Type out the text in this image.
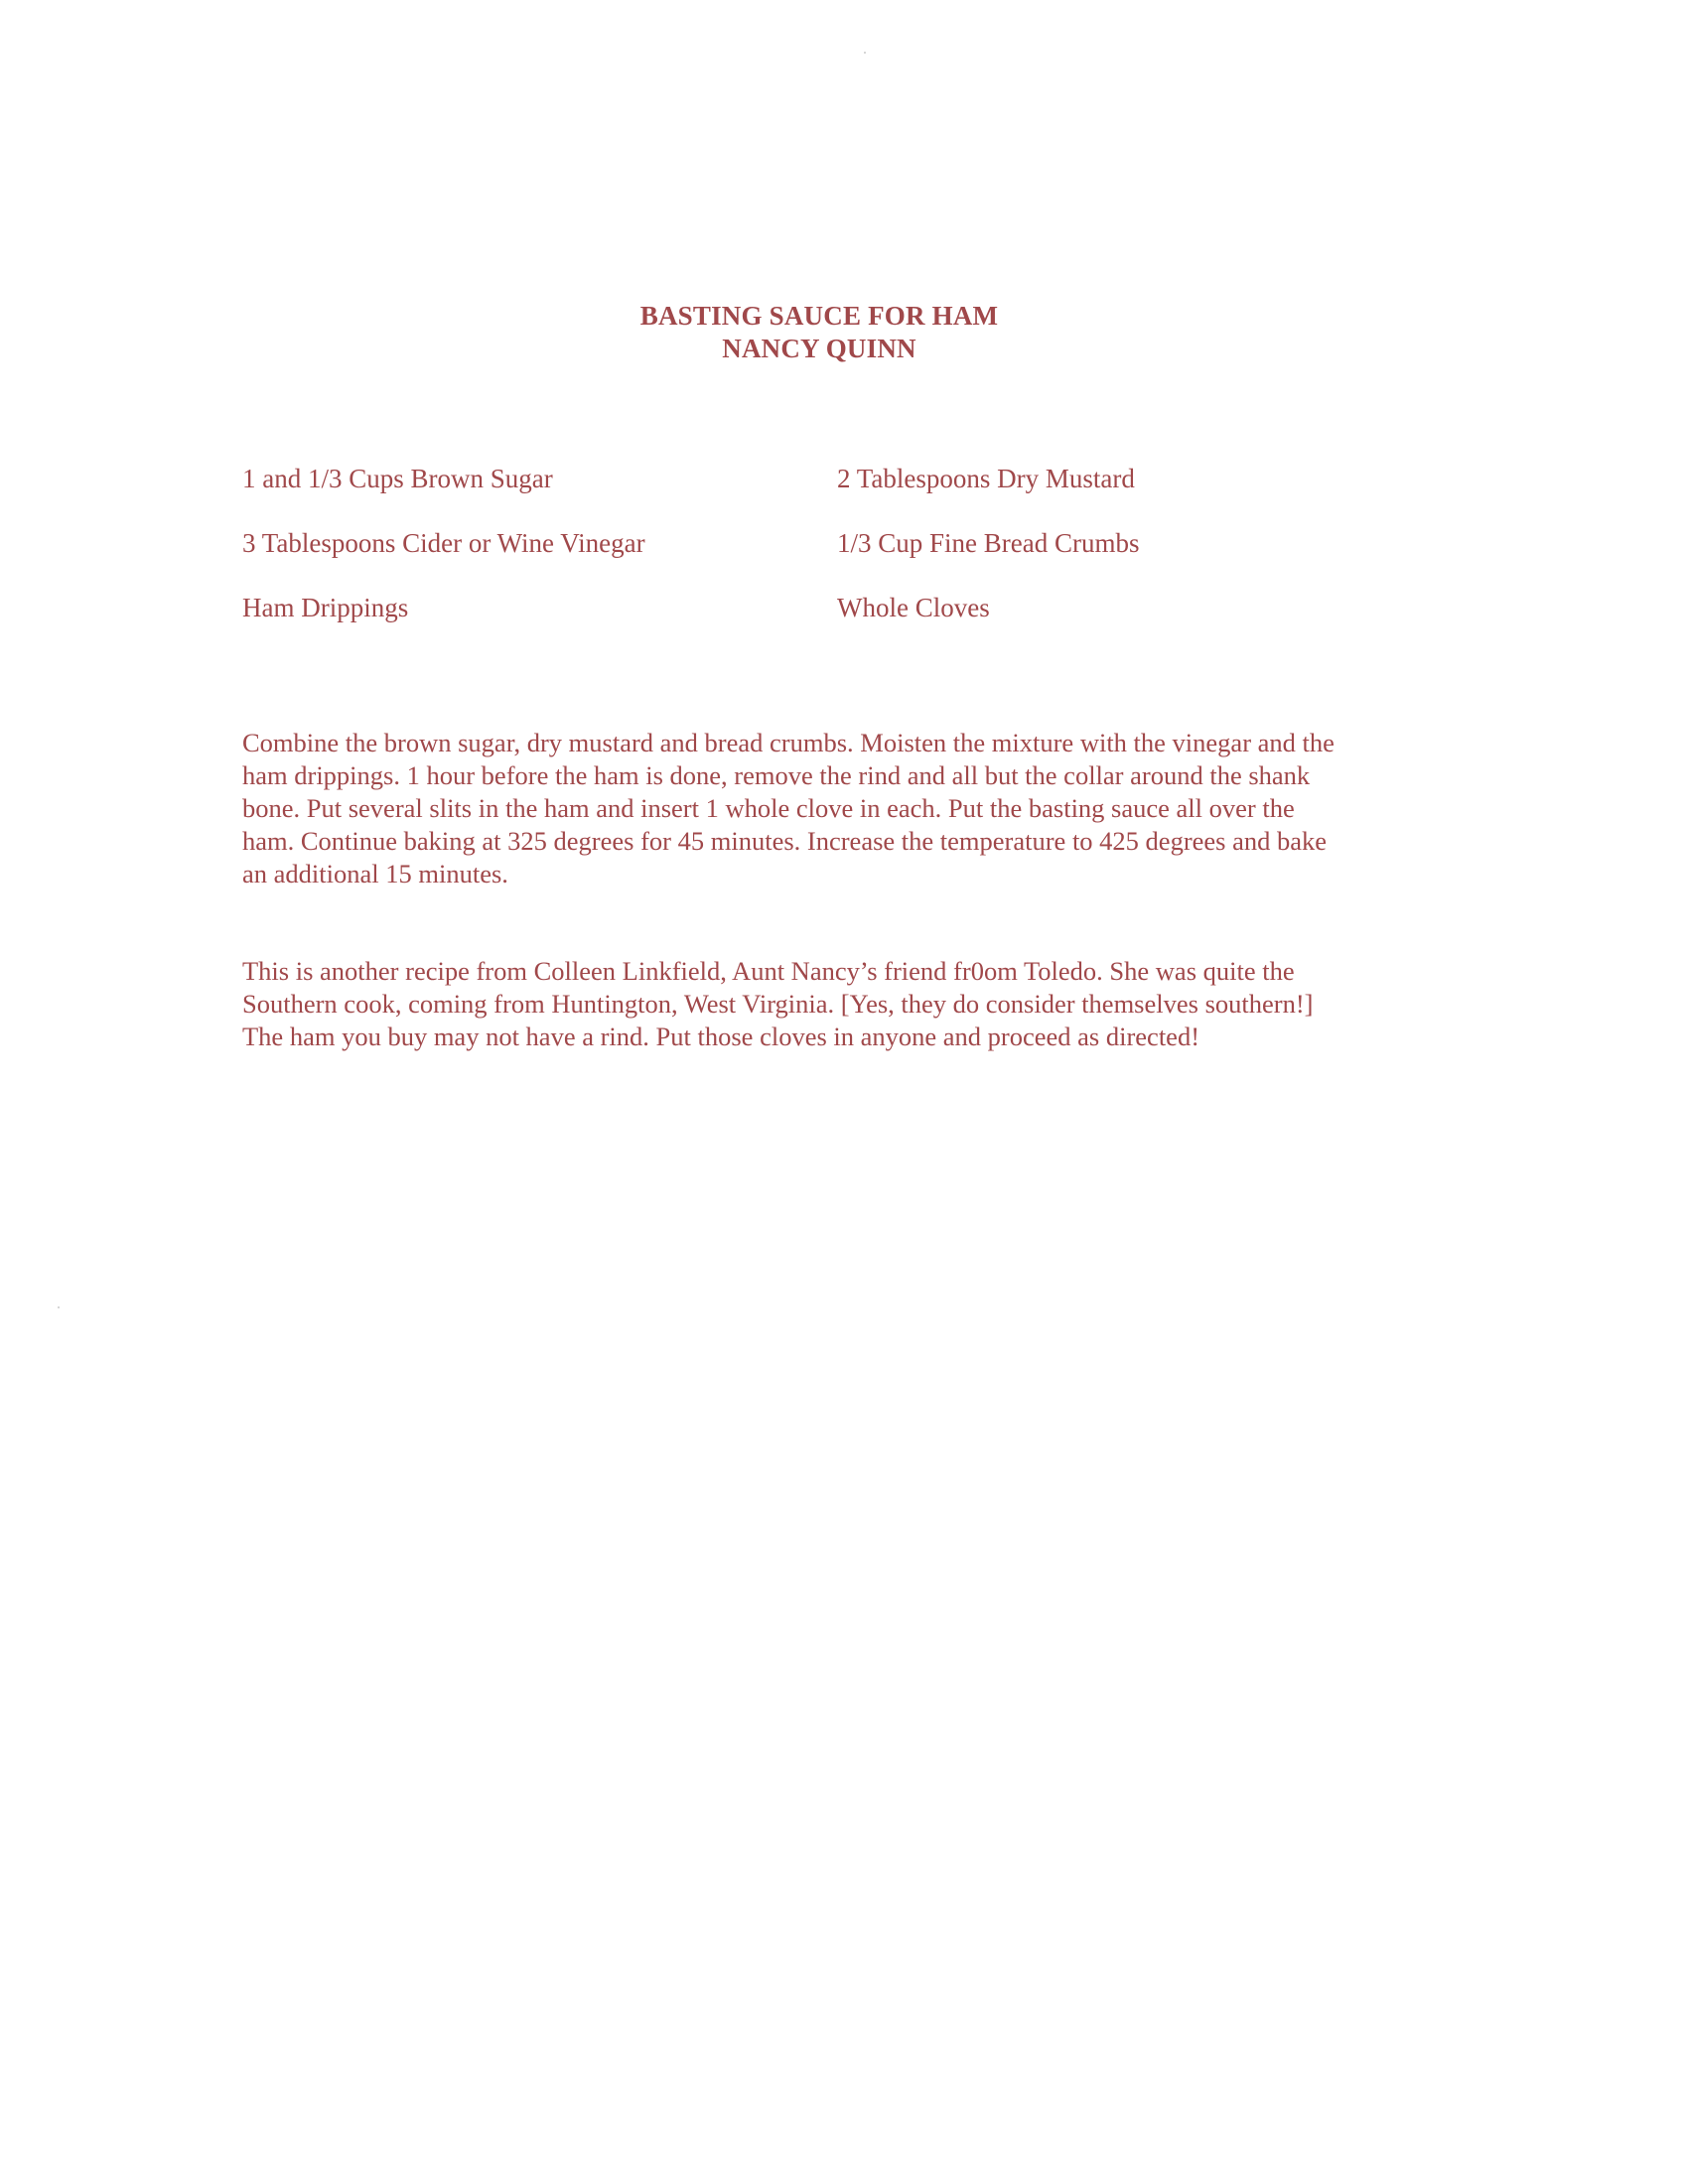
BASTING SAUCE FOR HAM
NANCY QUINN
1 and 1/3 Cups Brown Sugar	2 Tablespoons Dry Mustard
3 Tablespoons Cider or Wine Vinegar	1/3 Cup Fine Bread Crumbs
Ham Drippings	Whole Cloves
Combine the brown sugar, dry mustard and bread crumbs. Moisten the mixture with the vinegar and the
ham drippings. 1 hour before the ham is done, remove the rind and all but the collar around the shank
bone. Put several slits in the ham and insert 1 whole clove in each. Put the basting sauce all over the
ham. Continue baking at 325 degrees for 45 minutes. Increase the temperature to 425 degrees and bake
an additional 15 minutes.
This is another recipe from Colleen Linkfield, Aunt Nancy’s friend fr0om Toledo. She was quite the
Southern cook, coming from Huntington, West Virginia. [Yes, they do consider themselves southern!]
The ham you buy may not have a rind. Put those cloves in anyone and proceed as directed!
